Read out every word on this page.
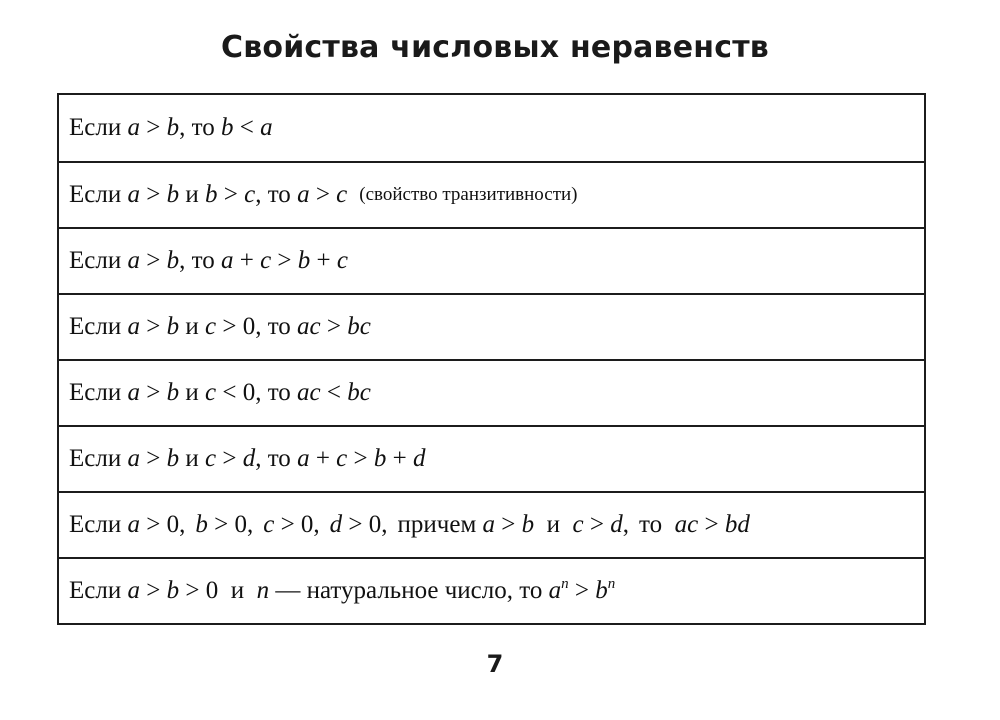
Свойства числовых неравенств
Если a > b, то b < a
Если a > b и b > c, то a > c (свойство транзитивности)
Если a > b, то a + c > b + c
Если a > b и c > 0, то ac > bc
Если a > b и c < 0, то ac < bc
Если a > b и c > d, то a + c > b + d
Если a > 0, b > 0, c > 0, d > 0, причем a > b  и  c > d, то  ac > bd
Если a > b > 0  и  n — натуральное число, то $a^n > b^n$
7
